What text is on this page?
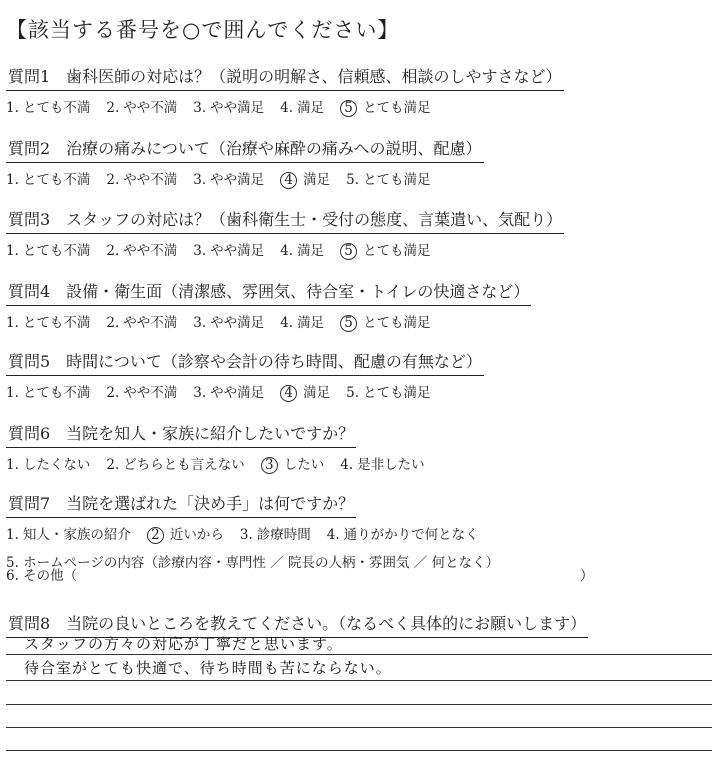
【該当する番号を○で囲んでください】
質問1　歯科医師の対応は？（説明の明解さ、信頼感、相談のしやすさなど）
1. とても不満 2. やや不満 3. やや満足 4. 満足 5 とても満足
質問2　治療の痛みについて（治療や麻酔の痛みへの説明、配慮）
1. とても不満 2. やや不満 3. やや満足 4 満足 5. とても満足
質問3　スタッフの対応は？（歯科衛生士・受付の態度、言葉遣い、気配り）
1. とても不満 2. やや不満 3. やや満足 4. 満足 5 とても満足
質問4　設備・衛生面（清潔感、雰囲気、待合室・トイレの快適さなど）
1. とても不満 2. やや不満 3. やや満足 4. 満足 5 とても満足
質問5　時間について（診察や会計の待ち時間、配慮の有無など）
1. とても不満 2. やや不満 3. やや満足 4 満足 5. とても満足
質問6　当院を知人・家族に紹介したいですか？
1. したくない 2. どちらとも言えない 3 したい 4. 是非したい
質問7　当院を選ばれた「決め手」は何ですか？
1. 知人・家族の紹介 2 近いから 3. 診療時間 4. 通りがかりで何となく
5. ホームページの内容（診療内容・専門性 ／ 院長の人柄・雰囲気 ／ 何となく）
6. その他（	）
質問8　当院の良いところを教えてください。（なるべく具体的にお願いします）
スタッフの方々の対応が丁寧だと思います。
待合室がとても快適で、待ち時間も苦にならない。
